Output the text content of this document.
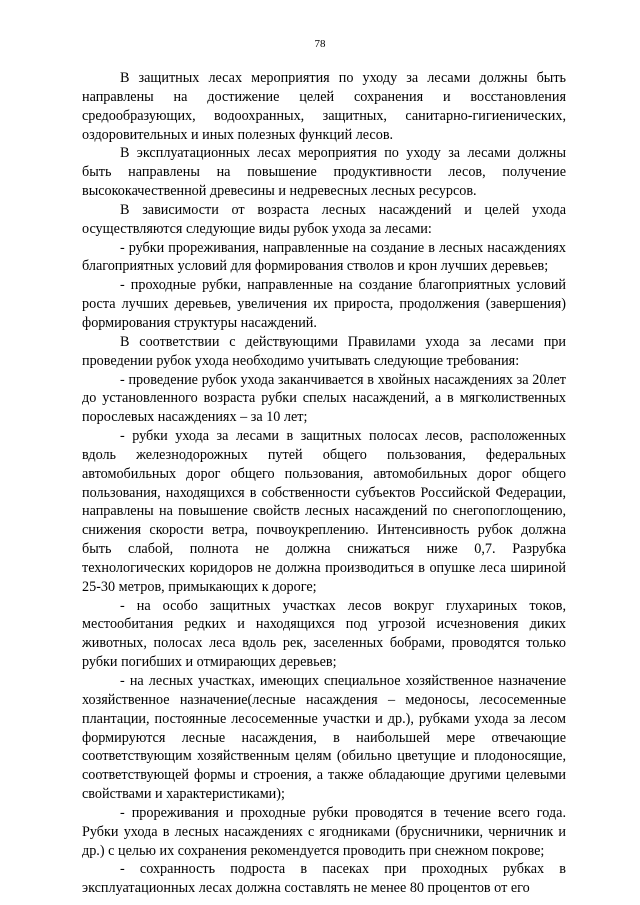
78

В защитных лесах мероприятия по уходу за лесами должны быть направлены на достижение целей сохранения и восстановления средообразующих, водоохранных, защитных, санитарно-гигиенических, оздоровительных и иных полезных функций лесов.

В эксплуатационных лесах мероприятия по уходу за лесами должны быть направлены на повышение продуктивности лесов, получение высококачественной древесины и недревесных лесных ресурсов.

В зависимости от возраста лесных насаждений и целей ухода осуществляются следующие виды рубок ухода за лесами:

- рубки прореживания, направленные на создание в лесных насаждениях благоприятных условий для формирования стволов и крон лучших деревьев;

- проходные рубки, направленные на создание благоприятных условий роста лучших деревьев, увеличения их прироста, продолжения (завершения) формирования структуры насаждений.

В соответствии с действующими Правилами ухода за лесами при проведении рубок ухода необходимо учитывать следующие требования:

- проведение рубок ухода заканчивается в хвойных насаждениях за 20лет до установленного возраста рубки спелых насаждений, а в мягколиственных порослевых насаждениях – за 10 лет;

- рубки ухода за лесами в защитных полосах лесов, расположенных вдоль железнодорожных путей общего пользования, федеральных автомобильных дорог общего пользования, автомобильных дорог общего пользования, находящихся в собственности субъектов Российской Федерации, направлены на повышение свойств лесных насаждений по снегопоглощению, снижения скорости ветра, почвоукреплению. Интенсивность рубок должна быть слабой, полнота не должна снижаться ниже 0,7. Разрубка технологических коридоров не должна производиться в опушке леса шириной 25-30 метров, примыкающих к дороге;

- на особо защитных участках лесов вокруг глухариных токов, местообитания редких и находящихся под угрозой исчезновения диких животных, полосах леса вдоль рек, заселенных бобрами, проводятся только рубки погибших и отмирающих деревьев;

- на лесных участках, имеющих специальное хозяйственное назначение хозяйственное назначение(лесные насаждения – медоносы, лесосеменные плантации, постоянные лесосеменные участки и др.), рубками ухода за лесом формируются лесные насаждения, в наибольшей мере отвечающие соответствующим хозяйственным целям (обильно цветущие и плодоносящие, соответствующей формы и строения, а также обладающие другими целевыми свойствами и характеристиками);

- прореживания и проходные рубки проводятся в течение всего года. Рубки ухода в лесных насаждениях с ягодниками (брусничники, черничник и др.) с целью их сохранения рекомендуется проводить при снежном покрове;

- сохранность подроста в пасеках при проходных рубках в эксплуатационных лесах должна составлять не менее 80 процентов от его
